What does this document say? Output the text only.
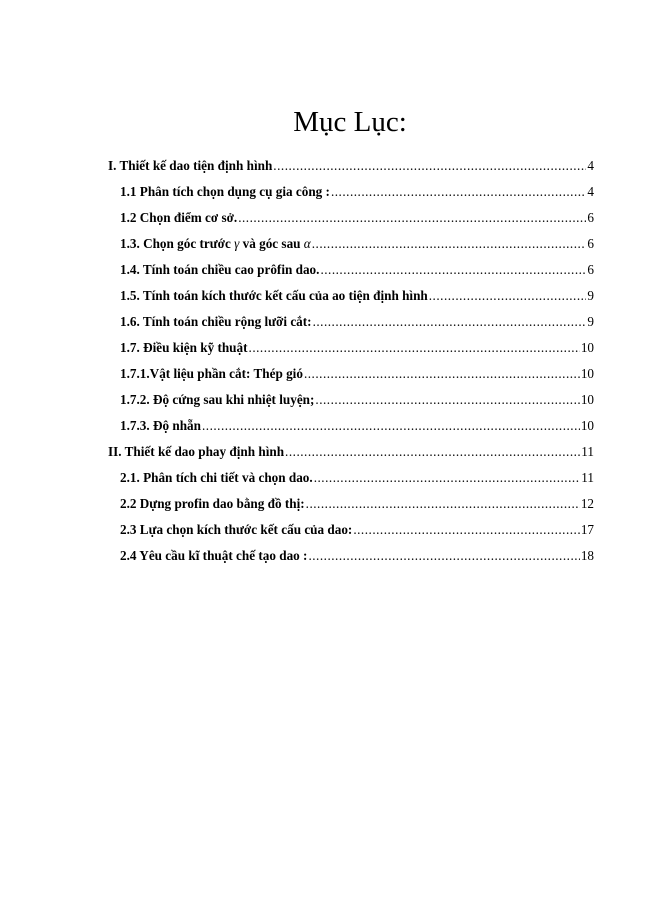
Mục Lục:
I. Thiết kế dao tiện định hình .....	4
1.1 Phân tích chọn dụng cụ gia công : .....	4
1.2 Chọn điểm cơ sở. .....	6
1.3. Chọn góc trước γ và góc sau α .....	6
1.4. Tính toán chiều cao prôfin dao. .....	6
1.5. Tính toán kích thước kết cấu của ao tiện định hình .....	9
1.6. Tính toán chiều rộng lưỡi cắt: .....	9
1.7. Điều kiện kỹ thuật .....	10
1.7.1.Vật liệu phần cắt: Thép gió .....	10
1.7.2. Độ cứng sau khi nhiệt luyện; .....	10
1.7.3. Độ nhẵn .....	10
II. Thiết kế dao phay định hình .....	11
2.1. Phân tích chi tiết và chọn dao. .....	11
2.2 Dựng profin dao bằng đồ thị: .....	12
2.3 Lựa chọn kích thước kết cấu của dao: .....	17
2.4 Yêu cầu kĩ thuật chế tạo dao : .....	18
